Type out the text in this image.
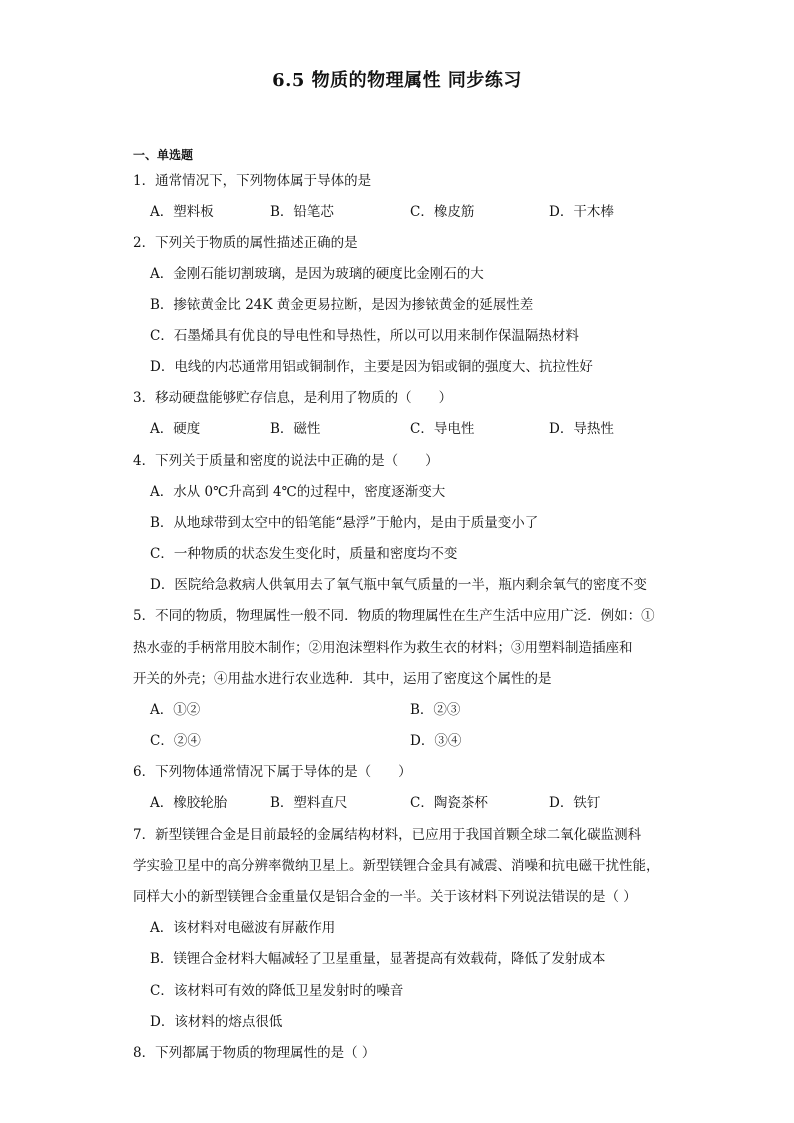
6.5 物质的物理属性 同步练习
一、单选题
1．通常情况下，下列物体属于导体的是
A．塑料板	B．铅笔芯	C．橡皮筋	D．干木棒
2．下列关于物质的属性描述正确的是
A．金刚石能切割玻璃，是因为玻璃的硬度比金刚石的大
B．掺铱黄金比 24K 黄金更易拉断，是因为掺铱黄金的延展性差
C．石墨烯具有优良的导电性和导热性，所以可以用来制作保温隔热材料
D．电线的内芯通常用铝或铜制作，主要是因为铝或铜的强度大、抗拉性好
3．移动硬盘能够贮存信息，是利用了物质的（　　）
A．硬度	B．磁性	C．导电性	D．导热性
4．下列关于质量和密度的说法中正确的是（　　）
A．水从 0℃升高到 4℃的过程中，密度逐渐变大
B．从地球带到太空中的铅笔能“悬浮”于舱内，是由于质量变小了
C．一种物质的状态发生变化时，质量和密度均不变
D．医院给急救病人供氧用去了氧气瓶中氧气质量的一半，瓶内剩余氧气的密度不变
5．不同的物质，物理属性一般不同．物质的物理属性在生产生活中应用广泛．例如：①
热水壶的手柄常用胶木制作；②用泡沫塑料作为救生衣的材料；③用塑料制造插座和
开关的外壳；④用盐水进行农业选种．其中，运用了密度这个属性的是
A．①②	B．②③
C．②④	D．③④
6．下列物体通常情况下属于导体的是（　　）
A．橡胶轮胎	B．塑料直尺	C．陶瓷茶杯	D．铁钉
7．新型镁锂合金是目前最轻的金属结构材料，已应用于我国首颗全球二氧化碳监测科
学实验卫星中的高分辨率微纳卫星上。新型镁锂合金具有减震、消噪和抗电磁干扰性能，
同样大小的新型镁锂合金重量仅是铝合金的一半。关于该材料下列说法错误的是（ ）
A．该材料对电磁波有屏蔽作用
B．镁锂合金材料大幅减轻了卫星重量，显著提高有效载荷，降低了发射成本
C．该材料可有效的降低卫星发射时的噪音
D．该材料的熔点很低
8．下列都属于物质的物理属性的是（ ）
